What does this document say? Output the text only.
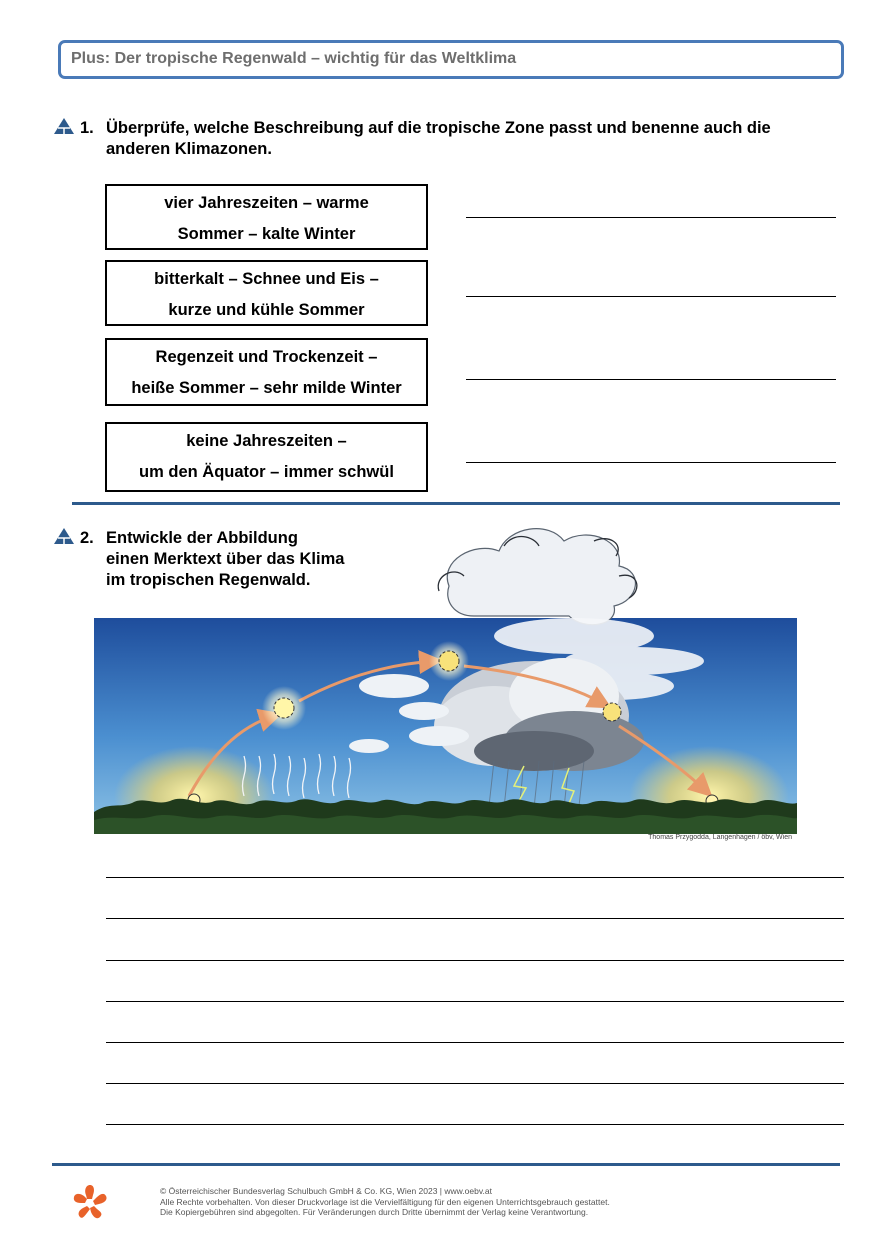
Plus: Der tropische Regenwald – wichtig für das Weltklima
1. Überprüfe, welche Beschreibung auf die tropische Zone passt und benenne auch die
anderen Klimazonen.
vier Jahreszeiten – warme
Sommer – kalte Winter
bitterkalt – Schnee und Eis –
kurze und kühle Sommer
Regenzeit und Trockenzeit –
heiße Sommer – sehr milde Winter
keine Jahreszeiten –
um den Äquator – immer schwül
2. Entwickle der Abbildung
einen Merktext über das Klima
im tropischen Regenwald.
Thomas Przygodda, Langenhagen / öbv, Wien
© Österreichischer Bundesverlag Schulbuch GmbH & Co. KG, Wien 2023 | www.oebv.at
Alle Rechte vorbehalten. Von dieser Druckvorlage ist die Vervielfältigung für den eigenen Unterrichtsgebrauch gestattet.
Die Kopiergebühren sind abgegolten. Für Veränderungen durch Dritte übernimmt der Verlag keine Verantwortung.
